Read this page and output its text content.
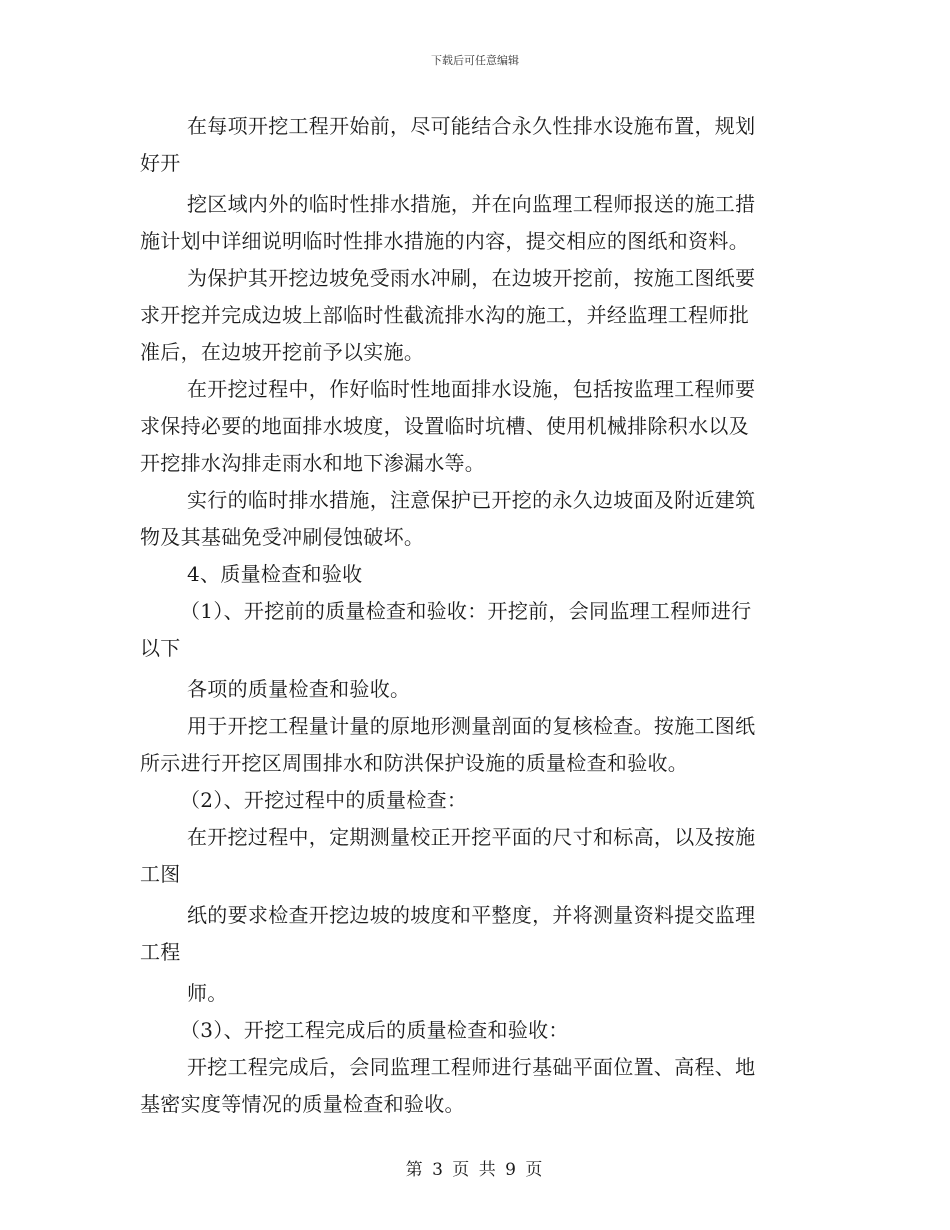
下载后可任意编辑
在每项开挖工程开始前，尽可能结合永久性排水设施布置，规划
好开
挖区域内外的临时性排水措施，并在向监理工程师报送的施工措
施计划中详细说明临时性排水措施的内容，提交相应的图纸和资料。
为保护其开挖边坡免受雨水冲刷，在边坡开挖前，按施工图纸要
求开挖并完成边坡上部临时性截流排水沟的施工，并经监理工程师批
准后，在边坡开挖前予以实施。
在开挖过程中，作好临时性地面排水设施，包括按监理工程师要
求保持必要的地面排水坡度，设置临时坑槽、使用机械排除积水以及
开挖排水沟排走雨水和地下渗漏水等。
实行的临时排水措施，注意保护已开挖的永久边坡面及附近建筑
物及其基础免受冲刷侵蚀破坏。
4、质量检查和验收
（1）、开挖前的质量检查和验收：开挖前，会同监理工程师进行
以下
各项的质量检查和验收。
用于开挖工程量计量的原地形测量剖面的复核检查。按施工图纸
所示进行开挖区周围排水和防洪保护设施的质量检查和验收。
（2）、开挖过程中的质量检查：
在开挖过程中，定期测量校正开挖平面的尺寸和标高，以及按施
工图
纸的要求检查开挖边坡的坡度和平整度，并将测量资料提交监理
工程
师。
（3）、开挖工程完成后的质量检查和验收：
开挖工程完成后，会同监理工程师进行基础平面位置、高程、地
基密实度等情况的质量检查和验收。
第 3 页 共 9 页
